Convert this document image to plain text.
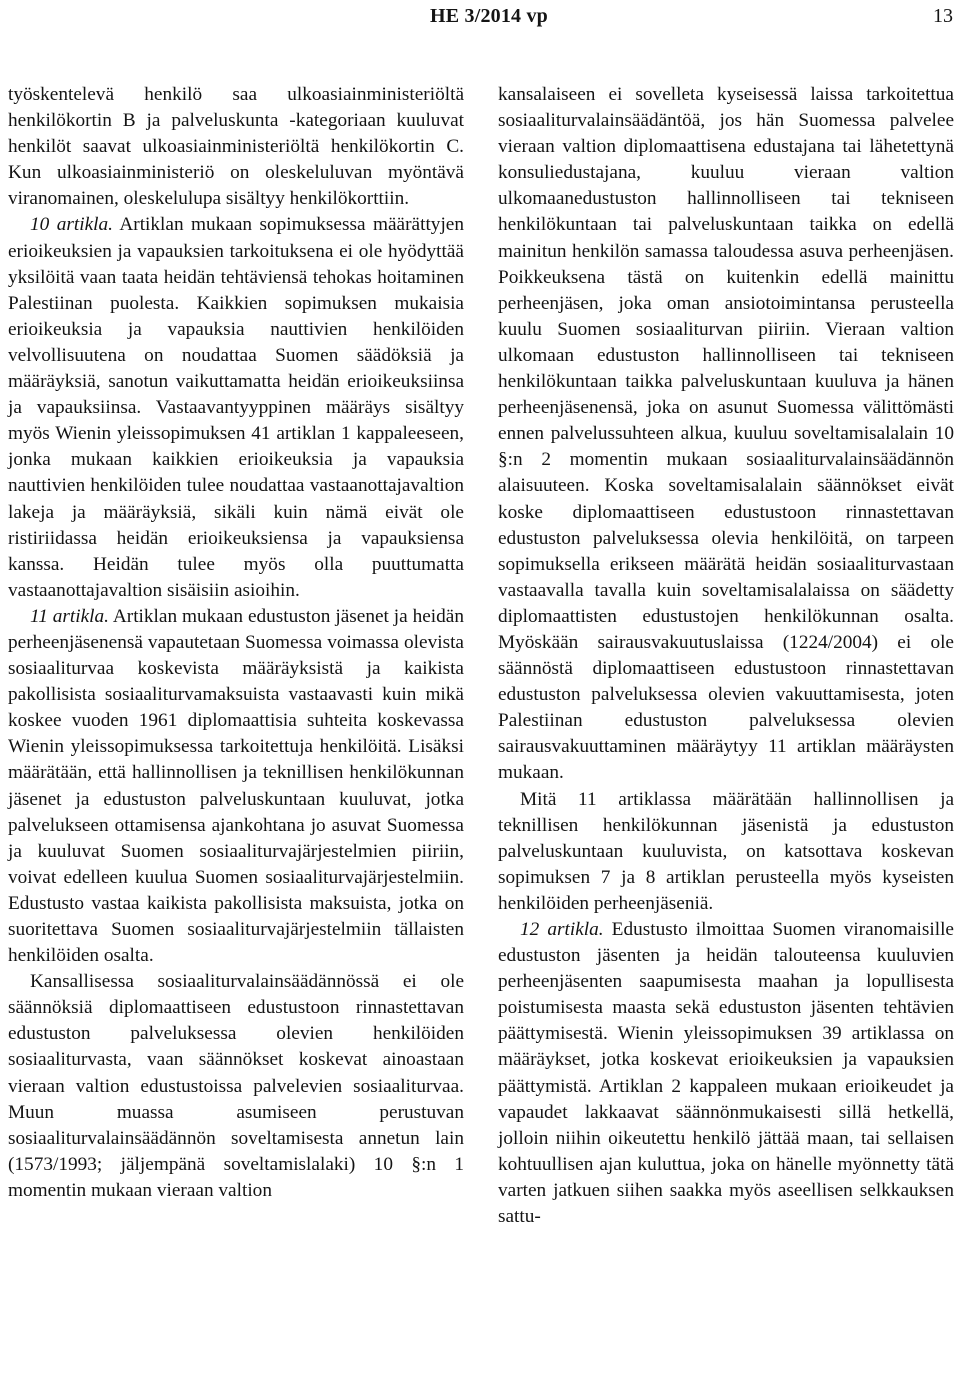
HE 3/2014 vp	13

työskentelevä henkilö saa ulkoasiainministeriöltä henkilökortin B ja palveluskunta -kategoriaan kuuluvat henkilöt saavat ulkoasiainministeriöltä henkilökortin C. Kun ulkoasiainministeriö on oleskeluluvan myöntävä viranomainen, oleskelulupa sisältyy henkilökorttiin.

10 artikla. Artiklan mukaan sopimuksessa määrättyjen erioikeuksien ja vapauksien tarkoituksena ei ole hyödyttää yksilöitä vaan taata heidän tehtäviensä tehokas hoitaminen Palestiinan puolesta. Kaikkien sopimuksen mukaisia erioikeuksia ja vapauksia nauttivien henkilöiden velvollisuutena on noudattaa Suomen säädöksiä ja määräyksiä, sanotun vaikuttamatta heidän erioikeuksiinsa ja vapauksiinsa. Vastaavantyyppinen määräys sisältyy myös Wienin yleissopimuksen 41 artiklan 1 kappaleeseen, jonka mukaan kaikkien erioikeuksia ja vapauksia nauttivien henkilöiden tulee noudattaa vastaanottajavaltion lakeja ja määräyksiä, sikäli kuin nämä eivät ole ristiriidassa heidän erioikeuksiensa ja vapauksiensa kanssa. Heidän tulee myös olla puuttumatta vastaanottajavaltion sisäisiin asioihin.

11 artikla. Artiklan mukaan edustuston jäsenet ja heidän perheenjäsenensä vapautetaan Suomessa voimassa olevista sosiaaliturvaa koskevista määräyksistä ja kaikista pakollisista sosiaaliturvamaksuista vastaavasti kuin mikä koskee vuoden 1961 diplomaattisia suhteita koskevassa Wienin yleissopimuksessa tarkoitettuja henkilöitä. Lisäksi määrätään, että hallinnollisen ja teknillisen henkilökunnan jäsenet ja edustuston palveluskuntaan kuuluvat, jotka palvelukseen ottamisensa ajankohtana jo asuvat Suomessa ja kuuluvat Suomen sosiaaliturvajärjestelmien piiriin, voivat edelleen kuulua Suomen sosiaaliturvajärjestelmiin. Edustusto vastaa kaikista pakollisista maksuista, jotka on suoritettava Suomen sosiaaliturvajärjestelmiin tällaisten henkilöiden osalta.

Kansallisessa sosiaaliturvalainsäädännössä ei ole säännöksiä diplomaattiseen edustustoon rinnastettavan edustuston palveluksessa olevien henkilöiden sosiaaliturvasta, vaan säännökset koskevat ainoastaan vieraan valtion edustustoissa palvelevien sosiaaliturvaa. Muun muassa asumiseen perustuvan sosiaaliturvalainsäädännön soveltamisesta annetun lain (1573/1993; jäljempänä soveltamislalaki) 10 §:n 1 momentin mukaan vieraan valtion

kansalaiseen ei sovelleta kyseisessä laissa tarkoitettua sosiaaliturvalainsäädäntöä, jos hän Suomessa palvelee vieraan valtion diplomaattisena edustajana tai lähetettynä konsuliedustajana, kuuluu vieraan valtion ulkomaanedustuston hallinnolliseen tai tekniseen henkilökuntaan tai palveluskuntaan taikka on edellä mainitun henkilön samassa taloudessa asuva perheenjäsen. Poikkeuksena tästä on kuitenkin edellä mainittu perheenjäsen, joka oman ansiotoimintansa perusteella kuulu Suomen sosiaaliturvan piiriin. Vieraan valtion ulkomaan edustuston hallinnolliseen tai tekniseen henkilökuntaan taikka palveluskuntaan kuuluva ja hänen perheenjäsenensä, joka on asunut Suomessa välittömästi ennen palvelussuhteen alkua, kuuluu soveltamisalalain 10 §:n 2 momentin mukaan sosiaaliturvalainsäädännön alaisuuteen. Koska soveltamisalalain säännökset eivät koske diplomaattiseen edustustoon rinnastettavan edustuston palveluksessa olevia henkilöitä, on tarpeen sopimuksella erikseen määrätä heidän sosiaaliturvastaan vastaavalla tavalla kuin soveltamisalalaissa on säädetty diplomaattisten edustustojen henkilökunnan osalta. Myöskään sairausvakuutuslaissa (1224/2004) ei ole säännöstä diplomaattiseen edustustoon rinnastettavan edustuston palveluksessa olevien vakuuttamisesta, joten Palestiinan edustuston palveluksessa olevien sairausvakuuttaminen määräytyy 11 artiklan määräysten mukaan.

Mitä 11 artiklassa määrätään hallinnollisen ja teknillisen henkilökunnan jäsenistä ja edustuston palveluskuntaan kuuluvista, on katsottava koskevan sopimuksen 7 ja 8 artiklan perusteella myös kyseisten henkilöiden perheenjäseniä.

12 artikla. Edustusto ilmoittaa Suomen viranomaisille edustuston jäsenten ja heidän talouteensa kuuluvien perheenjäsenten saapumisesta maahan ja lopullisesta poistumisesta maasta sekä edustuston jäsenten tehtävien päättymisestä. Wienin yleissopimuksen 39 artiklassa on määräykset, jotka koskevat erioikeuksien ja vapauksien päättymistä. Artiklan 2 kappaleen mukaan erioikeudet ja vapaudet lakkaavat säännönmukaisesti sillä hetkellä, jolloin niihin oikeutettu henkilö jättää maan, tai sellaisen kohtuullisen ajan kuluttua, joka on hänelle myönnetty tätä varten jatkuen siihen saakka myös aseellisen selkkauksen sattu-
